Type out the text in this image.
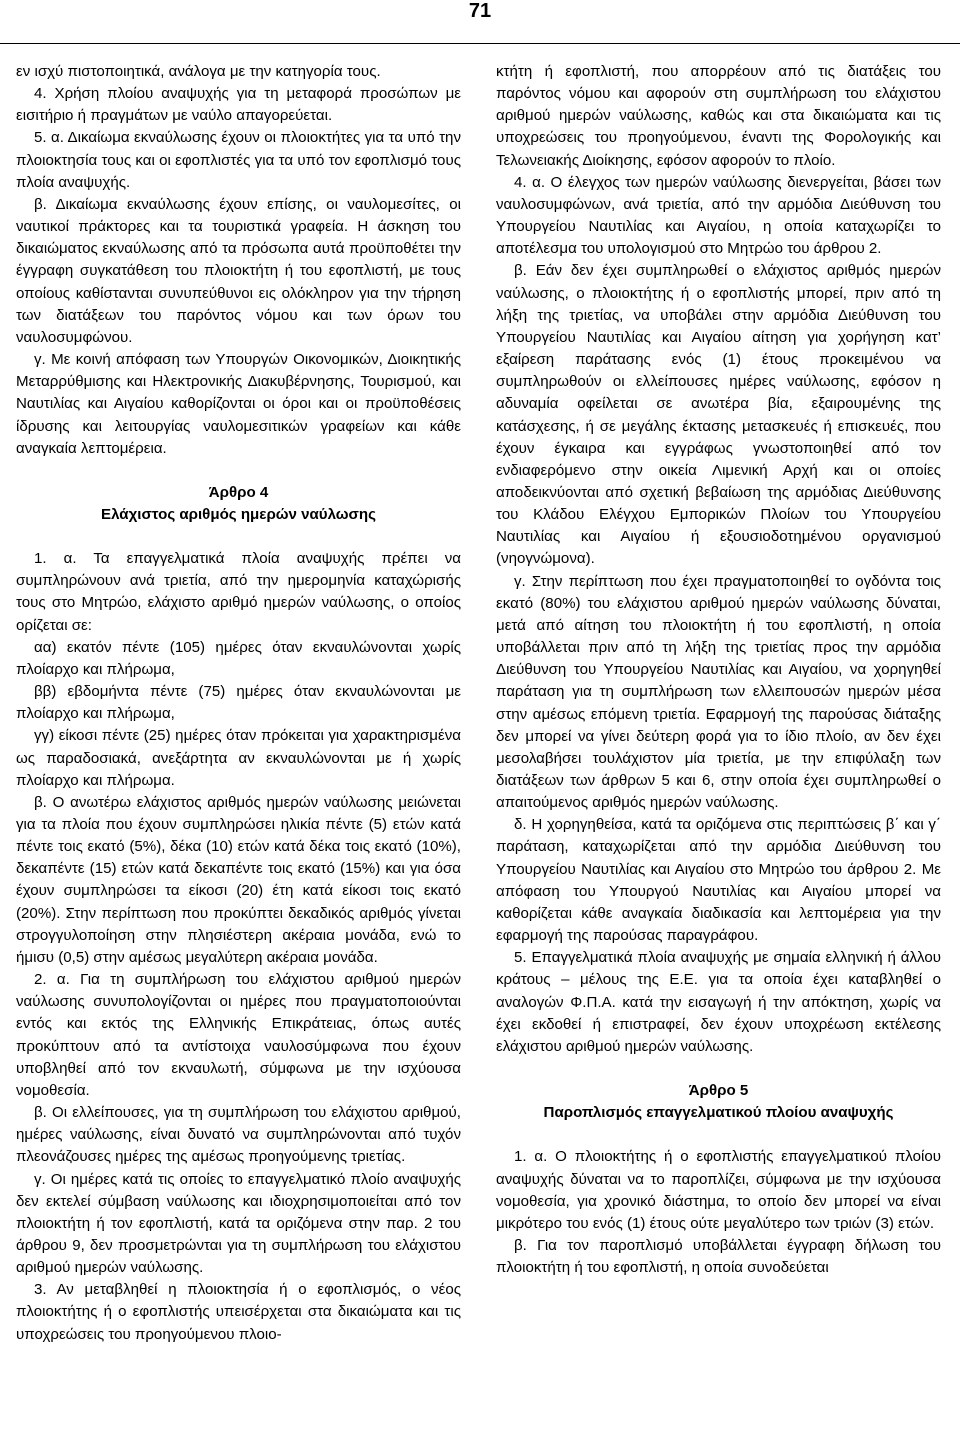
71

εν ισχύ πιστοποιητικά, ανάλογα με την κατηγορία τους.

4. Χρήση πλοίου αναψυχής για τη μεταφορά προσώπων με εισιτήριο ή πραγμάτων με ναύλο απαγορεύεται.

5. α. Δικαίωμα εκναύλωσης έχουν οι πλοιοκτήτες για τα υπό την πλοιοκτησία τους και οι εφοπλιστές για τα υπό τον εφοπλισμό τους πλοία αναψυχής.

β. Δικαίωμα εκναύλωσης έχουν επίσης, οι ναυλομεσίτες, οι ναυτικοί πράκτορες και τα τουριστικά γραφεία. Η άσκηση του δικαιώματος εκναύλωσης από τα πρόσωπα αυτά προϋποθέτει την έγγραφη συγκατάθεση του πλοιοκτήτη ή του εφοπλιστή, με τους οποίους καθίστανται συνυπεύθυνοι εις ολόκληρον για την τήρηση των διατάξεων του παρόντος νόμου και των όρων του ναυλοσυμφώνου.

γ. Με κοινή απόφαση των Υπουργών Οικονομικών, Διοικητικής Μεταρρύθμισης και Ηλεκτρονικής Διακυβέρνησης, Τουρισμού, και Ναυτιλίας και Αιγαίου καθορίζονται οι όροι και οι προϋποθέσεις ίδρυσης και λειτουργίας ναυλομεσιτικών γραφείων και κάθε αναγκαία λεπτομέρεια.

Άρθρο 4

Ελάχιστος αριθμός ημερών ναύλωσης

1. α. Τα επαγγελματικά πλοία αναψυχής πρέπει να συμπληρώνουν ανά τριετία, από την ημερομηνία καταχώρισής τους στο Μητρώο, ελάχιστο αριθμό ημερών ναύλωσης, ο οποίος ορίζεται σε:

αα) εκατόν πέντε (105) ημέρες όταν εκναυλώνονται χωρίς πλοίαρχο και πλήρωμα,

ββ) εβδομήντα πέντε (75) ημέρες όταν εκναυλώνονται με πλοίαρχο και πλήρωμα,

γγ) είκοσι πέντε (25) ημέρες όταν πρόκειται για χαρακτηρισμένα ως παραδοσιακά, ανεξάρτητα αν εκναυλώνονται με ή χωρίς πλοίαρχο και πλήρωμα.

β. Ο ανωτέρω ελάχιστος αριθμός ημερών ναύλωσης μειώνεται για τα πλοία που έχουν συμπληρώσει ηλικία πέντε (5) ετών κατά πέντε τοις εκατό (5%), δέκα (10) ετών κατά δέκα τοις εκατό (10%), δεκαπέντε (15) ετών κατά δεκαπέντε τοις εκατό (15%) και για όσα έχουν συμπληρώσει τα είκοσι (20) έτη κατά είκοσι τοις εκατό (20%). Στην περίπτωση που προκύπτει δεκαδικός αριθμός γίνεται στρογγυλοποίηση στην πλησιέστερη ακέραια μονάδα, ενώ το ήμισυ (0,5) στην αμέσως μεγαλύτερη ακέραια μονάδα.

2. α. Για τη συμπλήρωση του ελάχιστου αριθμού ημερών ναύλωσης συνυπολογίζονται οι ημέρες που πραγματοποιούνται εντός και εκτός της Ελληνικής Επικράτειας, όπως αυτές προκύπτουν από τα αντίστοιχα ναυλοσύμφωνα που έχουν υποβληθεί από τον εκναυλωτή, σύμφωνα με την ισχύουσα νομοθεσία.

β. Οι ελλείπουσες, για τη συμπλήρωση του ελάχιστου αριθμού, ημέρες ναύλωσης, είναι δυνατό να συμπληρώνονται από τυχόν πλεονάζουσες ημέρες της αμέσως προηγούμενης τριετίας.

γ. Οι ημέρες κατά τις οποίες το επαγγελματικό πλοίο αναψυχής δεν εκτελεί σύμβαση ναύλωσης και ιδιοχρησιμοποιείται από τον πλοιοκτήτη ή τον εφοπλιστή, κατά τα οριζόμενα στην παρ. 2 του άρθρου 9, δεν προσμετρώνται για τη συμπλήρωση του ελάχιστου αριθμού ημερών ναύλωσης.

3. Αν μεταβληθεί η πλοιοκτησία ή ο εφοπλισμός, ο νέος πλοιοκτήτης ή ο εφοπλιστής υπεισέρχεται στα δικαιώματα και τις υποχρεώσεις του προηγούμενου πλοιο-

κτήτη ή εφοπλιστή, που απορρέουν από τις διατάξεις του παρόντος νόμου και αφορούν στη συμπλήρωση του ελάχιστου αριθμού ημερών ναύλωσης, καθώς και στα δικαιώματα και τις υποχρεώσεις του προηγούμενου, έναντι της Φορολογικής και Τελωνειακής Διοίκησης, εφόσον αφορούν το πλοίο.

4. α. Ο έλεγχος των ημερών ναύλωσης διενεργείται, βάσει των ναυλοσυμφώνων, ανά τριετία, από την αρμόδια Διεύθυνση του Υπουργείου Ναυτιλίας και Αιγαίου, η οποία καταχωρίζει το αποτέλεσμα του υπολογισμού στο Μητρώο του άρθρου 2.

β. Εάν δεν έχει συμπληρωθεί ο ελάχιστος αριθμός ημερών ναύλωσης, ο πλοιοκτήτης ή ο εφοπλιστής μπορεί, πριν από τη λήξη της τριετίας, να υποβάλει στην αρμόδια Διεύθυνση του Υπουργείου Ναυτιλίας και Αιγαίου αίτηση για χορήγηση κατ’ εξαίρεση παράτασης ενός (1) έτους προκειμένου να συμπληρωθούν οι ελλείπουσες ημέρες ναύλωσης, εφόσον η αδυναμία οφείλεται σε ανωτέρα βία, εξαιρουμένης της κατάσχεσης, ή σε μεγάλης έκτασης μετασκευές ή επισκευές, που έχουν έγκαιρα και εγγράφως γνωστοποιηθεί από τον ενδιαφερόμενο στην οικεία Λιμενική Αρχή και οι οποίες αποδεικνύονται από σχετική βεβαίωση της αρμόδιας Διεύθυνσης του Κλάδου Ελέγχου Εμπορικών Πλοίων του Υπουργείου Ναυτιλίας και Αιγαίου ή εξουσιοδοτημένου οργανισμού (νηογνώμονα).

γ. Στην περίπτωση που έχει πραγματοποιηθεί το ογδόντα τοις εκατό (80%) του ελάχιστου αριθμού ημερών ναύλωσης δύναται, μετά από αίτηση του πλοιοκτήτη ή του εφοπλιστή, η οποία υποβάλλεται πριν από τη λήξη της τριετίας προς την αρμόδια Διεύθυνση του Υπουργείου Ναυτιλίας και Αιγαίου, να χορηγηθεί παράταση για τη συμπλήρωση των ελλειπουσών ημερών μέσα στην αμέσως επόμενη τριετία. Εφαρμογή της παρούσας διάταξης δεν μπορεί να γίνει δεύτερη φορά για το ίδιο πλοίο, αν δεν έχει μεσολαβήσει τουλάχιστον μία τριετία, με την επιφύλαξη των διατάξεων των άρθρων 5 και 6, στην οποία έχει συμπληρωθεί ο απαιτούμενος αριθμός ημερών ναύλωσης.

δ. Η χορηγηθείσα, κατά τα οριζόμενα στις περιπτώσεις β΄ και γ΄ παράταση, καταχωρίζεται από την αρμόδια Διεύθυνση του Υπουργείου Ναυτιλίας και Αιγαίου στο Μητρώο του άρθρου 2. Με απόφαση του Υπουργού Ναυτιλίας και Αιγαίου μπορεί να καθορίζεται κάθε αναγκαία διαδικασία και λεπτομέρεια για την εφαρμογή της παρούσας παραγράφου.

5. Επαγγελματικά πλοία αναψυχής με σημαία ελληνική ή άλλου κράτους – μέλους της Ε.Ε. για τα οποία έχει καταβληθεί ο αναλογών Φ.Π.Α. κατά την εισαγωγή ή την απόκτηση, χωρίς να έχει εκδοθεί ή επιστραφεί, δεν έχουν υποχρέωση εκτέλεσης ελάχιστου αριθμού ημερών ναύλωσης.

Άρθρο 5

Παροπλισμός επαγγελματικού πλοίου αναψυχής

1. α. Ο πλοιοκτήτης ή ο εφοπλιστής επαγγελματικού πλοίου αναψυχής δύναται να το παροπλίζει, σύμφωνα με την ισχύουσα νομοθεσία, για χρονικό διάστημα, το οποίο δεν μπορεί να είναι μικρότερο του ενός (1) έτους ούτε μεγαλύτερο των τριών (3) ετών.

β. Για τον παροπλισμό υποβάλλεται έγγραφη δήλωση του πλοιοκτήτη ή του εφοπλιστή, η οποία συνοδεύεται
